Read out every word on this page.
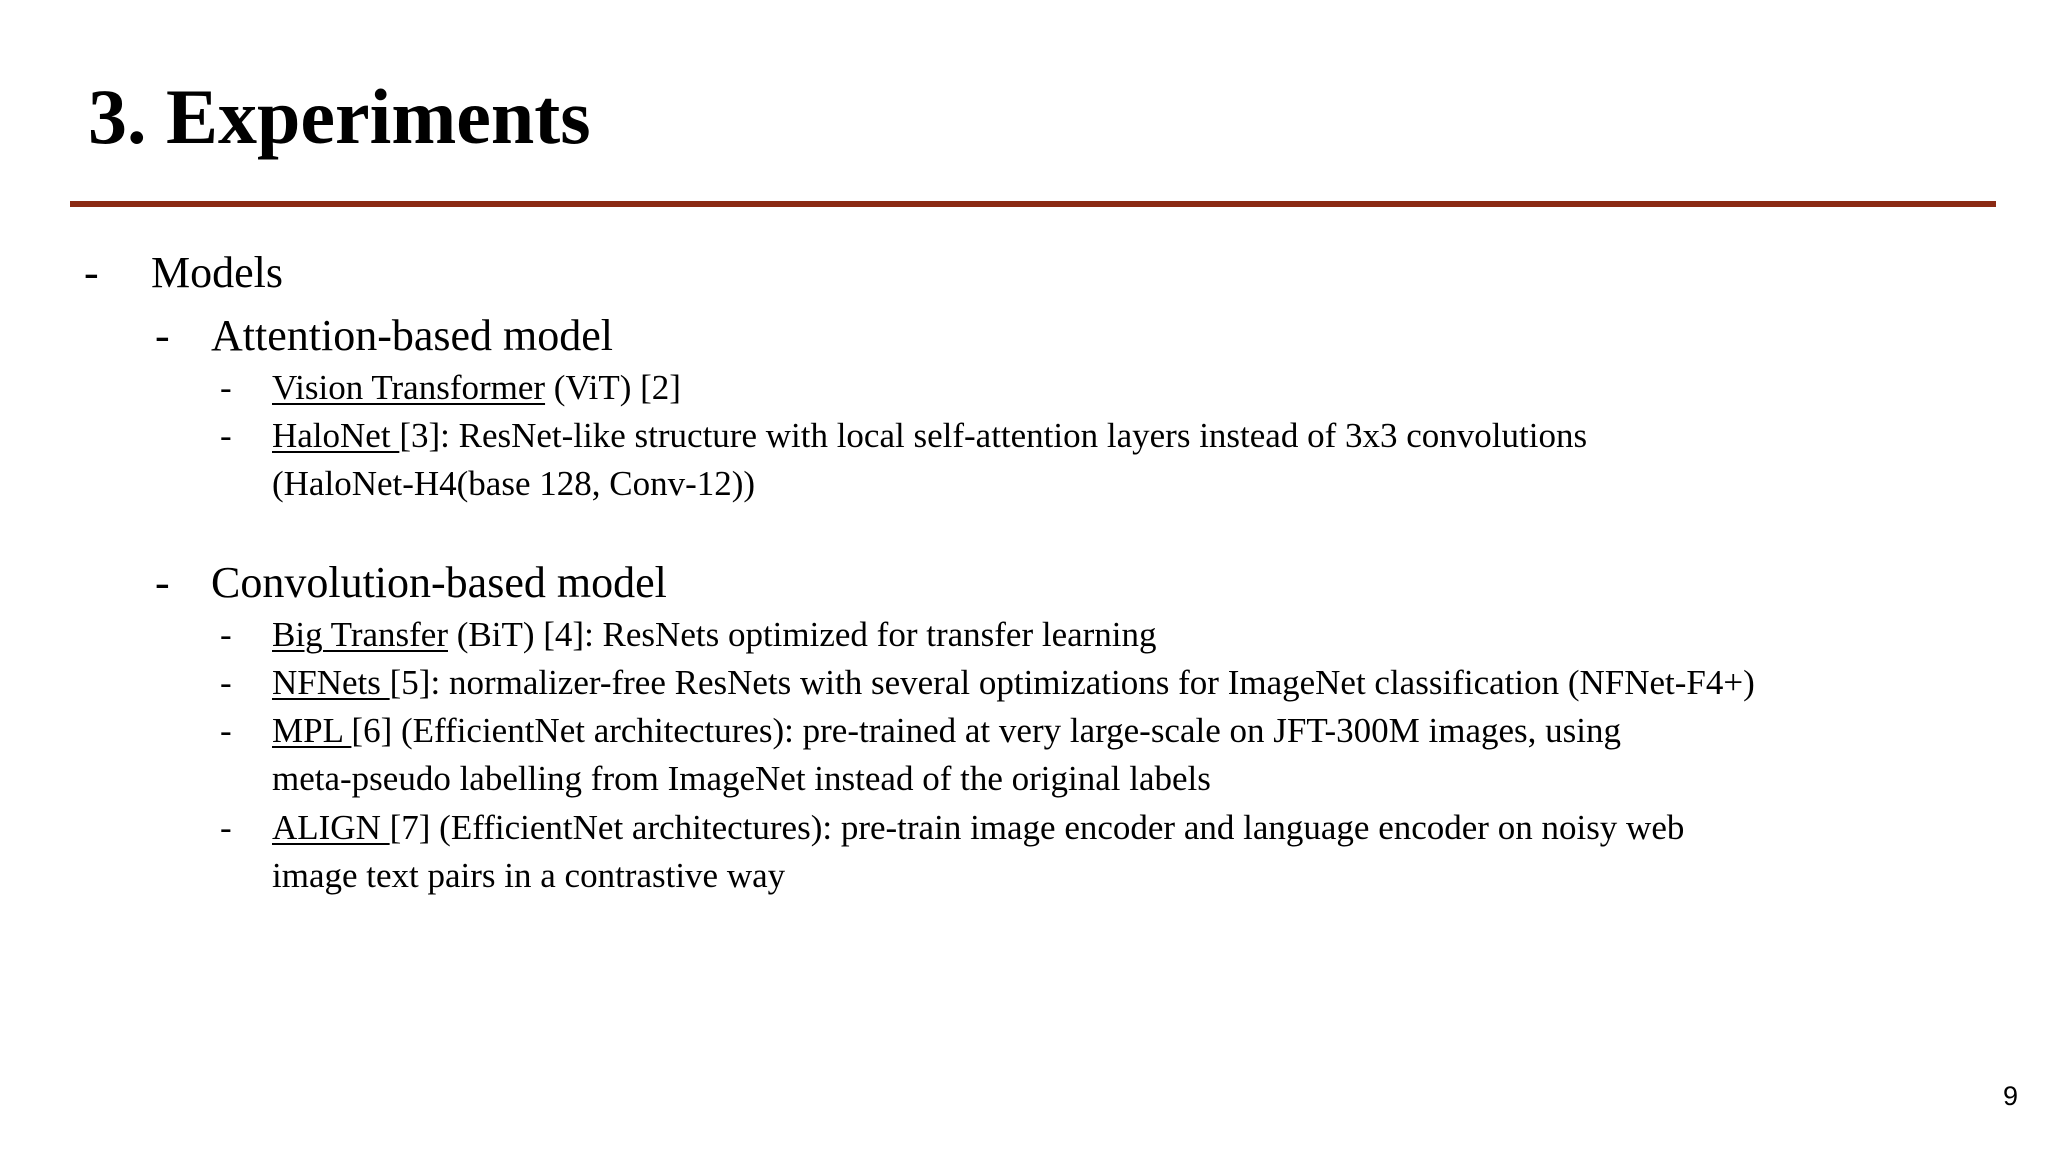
3. Experiments
- Models
- Attention-based model
- Vision Transformer (ViT) [2]
- HaloNet [3]: ResNet-like structure with local self-attention layers instead of 3x3 convolutions
(HaloNet-H4(base 128, Conv-12))
- Convolution-based model
- Big Transfer (BiT) [4]: ResNets optimized for transfer learning
- NFNets [5]: normalizer-free ResNets with several optimizations for ImageNet classification (NFNet-F4+)
- MPL [6] (EfficientNet architectures): pre-trained at very large-scale on JFT-300M images, using
meta-pseudo labelling from ImageNet instead of the original labels
- ALIGN [7] (EfficientNet architectures): pre-train image encoder and language encoder on noisy web
image text pairs in a contrastive way
9
